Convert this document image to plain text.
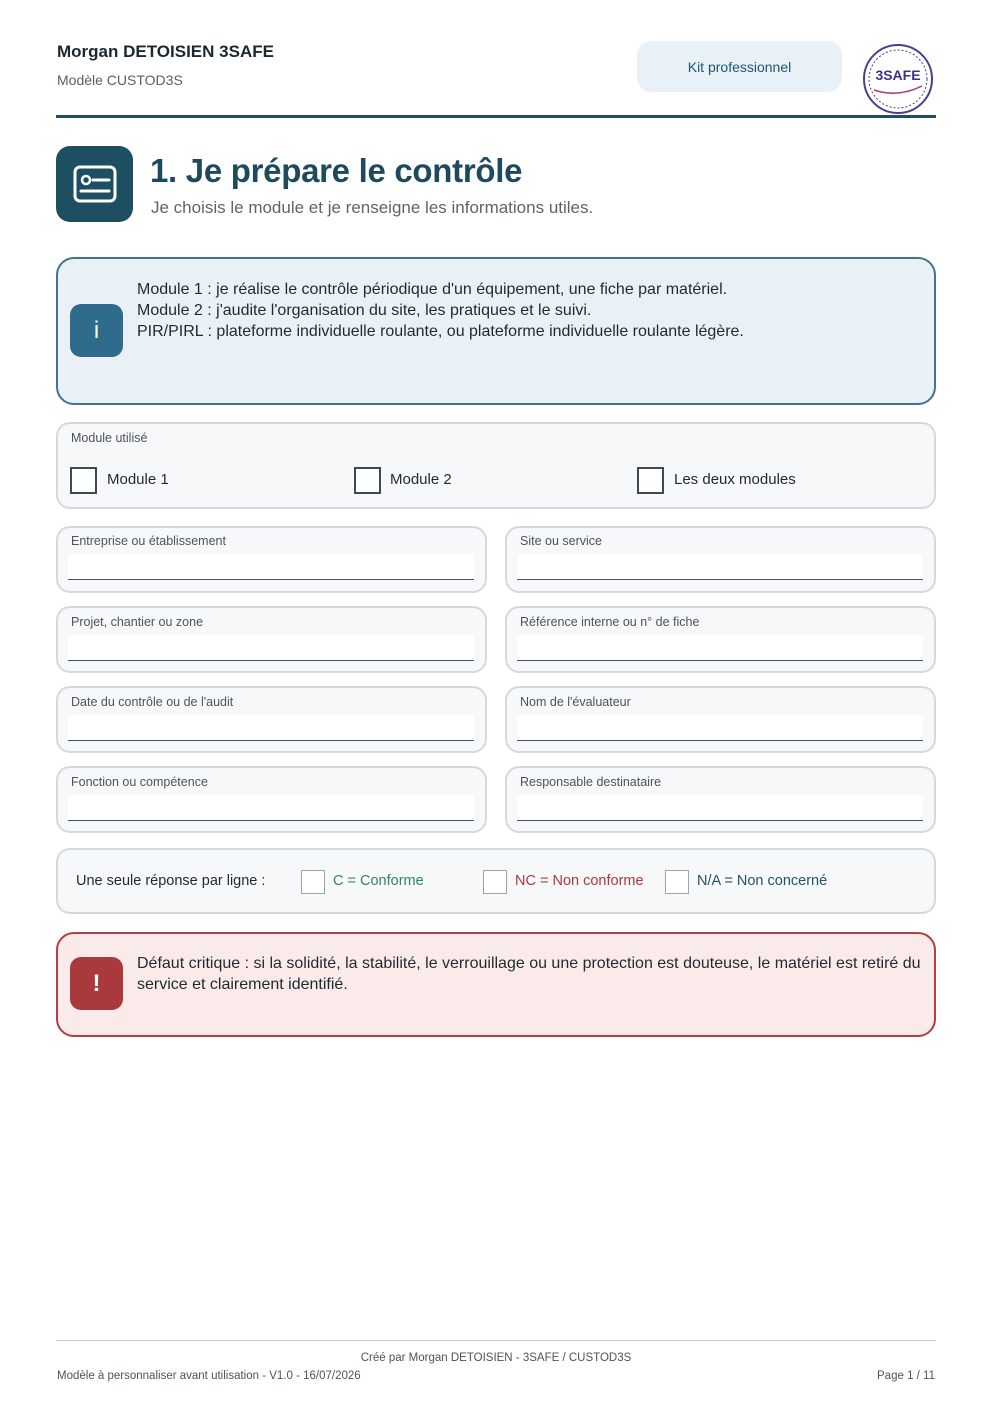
Morgan DETOISIEN 3SAFE
Modèle CUSTOD3S
Kit professionnel
3SAFE
1. Je prépare le contrôle
Je choisis le module et je renseigne les informations utiles.
i
Module 1 : je réalise le contrôle périodique d'un équipement, une fiche par matériel.
Module 2 : j'audite l'organisation du site, les pratiques et le suivi.
PIR/PIRL : plateforme individuelle roulante, ou plateforme individuelle roulante légère.
Module utilisé
Module 1	Module 2	Les deux modules
Entreprise ou établissement	Site ou service
Projet, chantier ou zone	Référence interne ou n° de fiche
Date du contrôle ou de l'audit	Nom de l'évaluateur
Fonction ou compétence	Responsable destinataire
Une seule réponse par ligne :	C = Conforme	NC = Non conforme	N/A = Non concerné
!
Défaut critique : si la solidité, la stabilité, le verrouillage ou une protection est douteuse, le matériel est retiré du service et clairement identifié.
Créé par Morgan DETOISIEN - 3SAFE / CUSTOD3S
Modèle à personnaliser avant utilisation - V1.0 - 16/07/2026	Page 1 / 11
